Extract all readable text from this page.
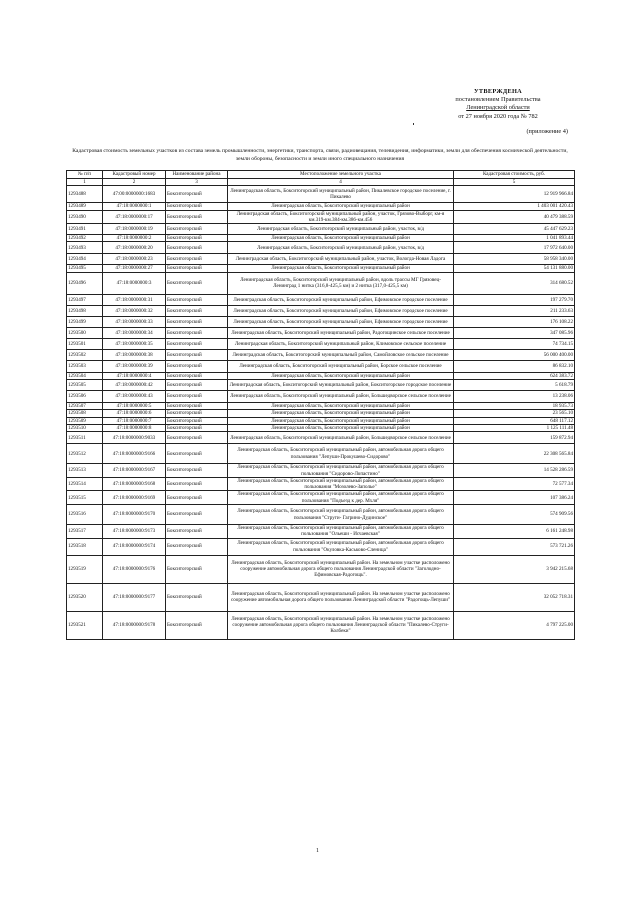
УТВЕРЖДЕНА
постановлением Правительства
Ленинградской области
от 27 ноября 2020 года № 782
(приложение 4)
Кадастровая стоимость земельных участков из состава земель промышленности, энергетики, транспорта, связи, радиовещания, телевидения, информатики, земли для обеспечения космической деятельности, земли обороны, безопасности и земли иного специального назначения
№ п/п	Кадастровый номер	Наименование района	Местоположение земельного участка	Кадастровая стоимость, руб.
1	2	3	4	5
1293488	47:00:0000000:1683	Бокситогорский	Ленинградская область, Бокситогорский муниципальный район, Пикалевское городское поселение, г. Пикалево	12 919 966.84
1293489	47:18:0000000:1	Бокситогорский	Ленинградская область, Бокситогорский муниципальный район	1 403 001 420.43
1293490	47:18:0000000:17	Бокситогорский	Ленинградская область, Бокситогорский муниципальный район, участок, Грязово-Выборг, км-я км.319-км.384-км.386-км.456	40 479 388.59
1293491	47:18:0000000:19	Бокситогорский	Ленинградская область, Бокситогорский муниципальный район, участок, в/д	45 447 629.23
1293492	47:18:0000000:2	Бокситогорский	Ленинградская область, Бокситогорский муниципальный район	1 041 893.44
1293493	47:18:0000000:20	Бокситогорский	Ленинградская область, Бокситогорский муниципальный район, участок, в/д	17 972 640.00
1293494	47:18:0000000:23	Бокситогорский	Ленинградская область, Бокситогорский муниципальный район, участок, Вологда-Новая Ладога	58 958 340.00
1293495	47:18:0000000:27	Бокситогорский	Ленинградская область, Бокситогорский муниципальный район	54 131 880.00
1293496	47:18:0000000:3	Бокситогорский	Ленинградская область, Бокситогорский муниципальный район, вдоль трассы МГ Грязовец-Ленинград 1 нитка (316,8-425,5 км) и 2 нитка (317,0-425,5 км)	314 680.52
1293497	47:18:0000000:31	Бокситогорский	Ленинградская область, Бокситогорский муниципальный район, Ефимовское городское поселение	197 279.70
1293498	47:18:0000000:32	Бокситогорский	Ленинградская область, Бокситогорский муниципальный район, Ефимовское городское поселение	211 233.63
1293499	47:18:0000000:33	Бокситогорский	Ленинградская область, Бокситогорский муниципальный район, Ефимовское городское поселение	176 108.22
1293500	47:18:0000000:34	Бокситогорский	Ленинградская область, Бокситогорский муниципальный район, Радогощинское сельское поселение	347 085.96
1293501	47:18:0000000:35	Бокситогорский	Ленинградская область, Бокситогорский муниципальный район, Климовское сельское поселение	74 734.15
1293502	47:18:0000000:38	Бокситогорский	Ленинградская область, Бокситогорский муниципальный район, Самойловское сельское поселение	56 000 400.00
1293503	47:18:0000000:39	Бокситогорский	Ленинградская область, Бокситогорский муниципальный район, Борское сельское поселение	86 832.10
1293504	47:18:0000000:4	Бокситогорский	Ленинградская область, Бокситогорский муниципальный район	624 383.72
1293505	47:18:0000000:42	Бокситогорский	Ленинградская область, Бокситогорский муниципальный район, Бокситогорское городское поселение	5 618.79
1293506	47:18:0000000:43	Бокситогорский	Ленинградская область, Бокситогорский муниципальный район, Большедворское сельское поселение	13 238.06
1293507	47:18:0000000:5	Бокситогорский	Ленинградская область, Бокситогорский муниципальный район	18 935.73
1293508	47:18:0000000:6	Бокситогорский	Ленинградская область, Бокситогорский муниципальный район	23 565.10
1293509	47:18:0000000:7	Бокситогорский	Ленинградская область, Бокситогорский муниципальный район	648 117.12
1293510	47:18:0000000:8	Бокситогорский	Ленинградская область, Бокситогорский муниципальный район	1 125 111.48
1293511	47:18:0000000:9033	Бокситогорский	Ленинградская область, Бокситогорский муниципальный район, Большедворское сельское поселение	159 872.94
1293512	47:18:0000000:9166	Бокситогорский	Ленинградская область, Бокситогорский муниципальный район, автомобильная дорога общего пользования "Лепуши-Прокушево-Сидорово"	22 308 565.84
1293513	47:18:0000000:9167	Бокситогорский	Ленинградская область, Бокситогорский муниципальный район, автомобильная дорога общего пользования "Сидорово-Лопастино"	14 528 286.59
1293514	47:18:0000000:9168	Бокситогорский	Ленинградская область, Бокситогорский муниципальный район, автомобильная дорога общего пользования "Мозолево-Заполье"	72 577.34
1293515	47:18:0000000:9169	Бокситогорский	Ленинградская область, Бокситогорский муниципальный район, автомобильная дорога общего пользования "Подъезд к дер. Мхля"	107 386.24
1293516	47:18:0000000:9170	Бокситогорский	Ленинградская область, Бокситогорский муниципальный район, автомобильная дорога общего пользования "Струги- Гагрино-Дудинское"	574 909.56
1293517	47:18:0000000:9173	Бокситогорский	Ленинградская область, Бокситогорский муниципальный район, автомобильная дорога общего пользования "Ольеши - Исчаевская"	6 161 248.98
1293518	47:18:0000000:9174	Бокситогорский	Ленинградская область, Бокситогорский муниципальный район, автомобильная дорога общего пользования "Окуловка-Каськово-Сленица"	573 721.26
1293519	47:18:0000000:9176	Бокситогорский	Ленинградская область, Бокситогорский муниципальный район. На земельном участке расположено сооружение автомобильная дорога общего пользования Ленинградской области "Заголодно-Ефимовская-Радогощь".	3 942 215.68
1293520	47:18:0000000:9177	Бокситогорский	Ленинградская область, Бокситогорский муниципальный район. На земельном участке расположено сооружение автомобильная дорога общего пользования Ленинградской области "Радогощь-Лепуши"	32 052 718.31
1293521	47:18:0000000:9178	Бокситогорский	Ленинградская область, Бокситогорский муниципальный район. На земельном участке расположено сооружение автомобильная дорога общего пользования Ленинградской области "Пикалево-Струги-Колбеки"	4 797 225.00
1
